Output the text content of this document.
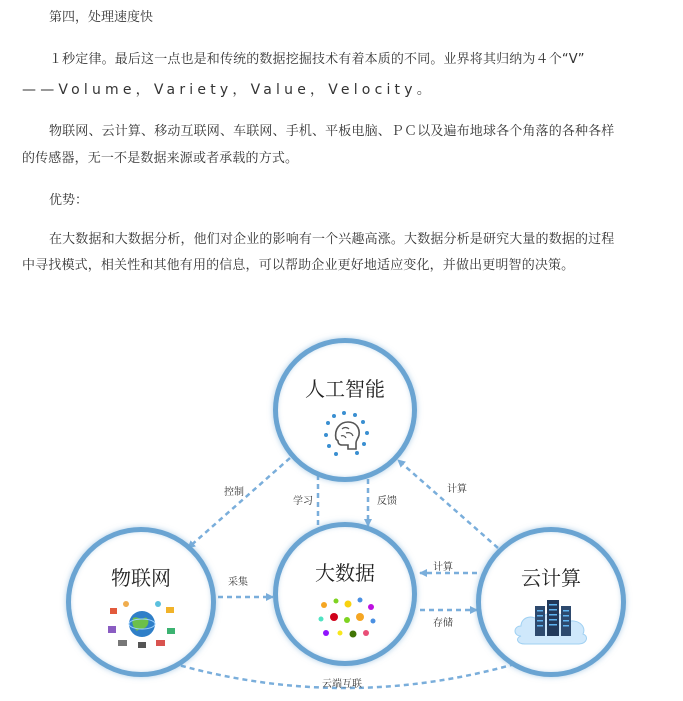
第四，处理速度快
１秒定律。最后这一点也是和传统的数据挖掘技术有着本质的不同。业界将其归纳为４个“V”
——Volume，Variety，Value，Velocity。
物联网、云计算、移动互联网、车联网、手机、平板电脑、ＰＣ以及遍布地球各个角落的各种各样
的传感器，无一不是数据来源或者承载的方式。
优势：
在大数据和大数据分析，他们对企业的影响有一个兴趣高涨。大数据分析是研究大量的数据的过程
中寻找模式，相关性和其他有用的信息，可以帮助企业更好地适应变化，并做出更明智的决策。
人工智能
物联网	大数据	云计算
控制
学习	反馈
计算
采集
计算
存储
云端互联
